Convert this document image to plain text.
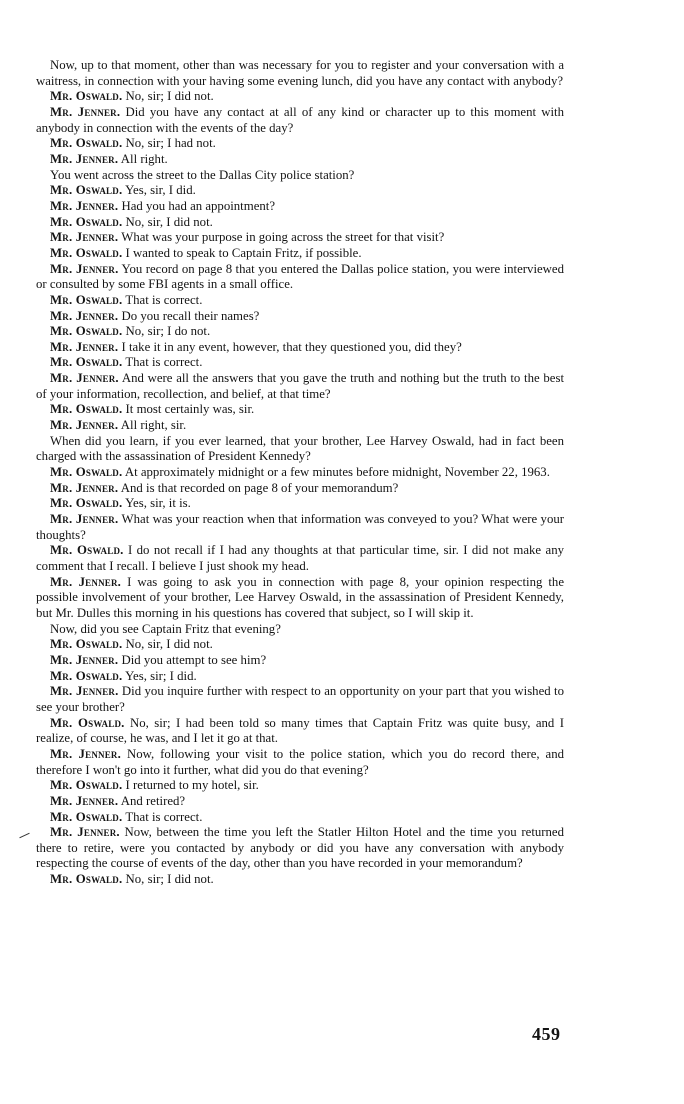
Now, up to that moment, other than was necessary for you to register and your conversation with a waitress, in connection with your having some evening lunch, did you have any contact with anybody?

Mr. Oswald. No, sir; I did not.

Mr. Jenner. Did you have any contact at all of any kind or character up to this moment with anybody in connection with the events of the day?

Mr. Oswald. No, sir; I had not.

Mr. Jenner. All right.

You went across the street to the Dallas City police station?

Mr. Oswald. Yes, sir, I did.

Mr. Jenner. Had you had an appointment?

Mr. Oswald. No, sir, I did not.

Mr. Jenner. What was your purpose in going across the street for that visit?

Mr. Oswald. I wanted to speak to Captain Fritz, if possible.

Mr. Jenner. You record on page 8 that you entered the Dallas police station, you were interviewed or consulted by some FBI agents in a small office.

Mr. Oswald. That is correct.

Mr. Jenner. Do you recall their names?

Mr. Oswald. No, sir; I do not.

Mr. Jenner. I take it in any event, however, that they questioned you, did they?

Mr. Oswald. That is correct.

Mr. Jenner. And were all the answers that you gave the truth and nothing but the truth to the best of your information, recollection, and belief, at that time?

Mr. Oswald. It most certainly was, sir.

Mr. Jenner. All right, sir.

When did you learn, if you ever learned, that your brother, Lee Harvey Oswald, had in fact been charged with the assassination of President Kennedy?

Mr. Oswald. At approximately midnight or a few minutes before midnight, November 22, 1963.

Mr. Jenner. And is that recorded on page 8 of your memorandum?

Mr. Oswald. Yes, sir, it is.

Mr. Jenner. What was your reaction when that information was conveyed to you? What were your thoughts?

Mr. Oswald. I do not recall if I had any thoughts at that particular time, sir. I did not make any comment that I recall. I believe I just shook my head.

Mr. Jenner. I was going to ask you in connection with page 8, your opinion respecting the possible involvement of your brother, Lee Harvey Oswald, in the assassination of President Kennedy, but Mr. Dulles this morning in his questions has covered that subject, so I will skip it.

Now, did you see Captain Fritz that evening?

Mr. Oswald. No, sir, I did not.

Mr. Jenner. Did you attempt to see him?

Mr. Oswald. Yes, sir; I did.

Mr. Jenner. Did you inquire further with respect to an opportunity on your part that you wished to see your brother?

Mr. Oswald. No, sir; I had been told so many times that Captain Fritz was quite busy, and I realize, of course, he was, and I let it go at that.

Mr. Jenner. Now, following your visit to the police station, which you do record there, and therefore I won't go into it further, what did you do that evening?

Mr. Oswald. I returned to my hotel, sir.

Mr. Jenner. And retired?

Mr. Oswald. That is correct.

Mr. Jenner. Now, between the time you left the Statler Hilton Hotel and the time you returned there to retire, were you contacted by anybody or did you have any conversation with anybody respecting the course of events of the day, other than you have recorded in your memorandum?

Mr. Oswald. No, sir; I did not.

459
